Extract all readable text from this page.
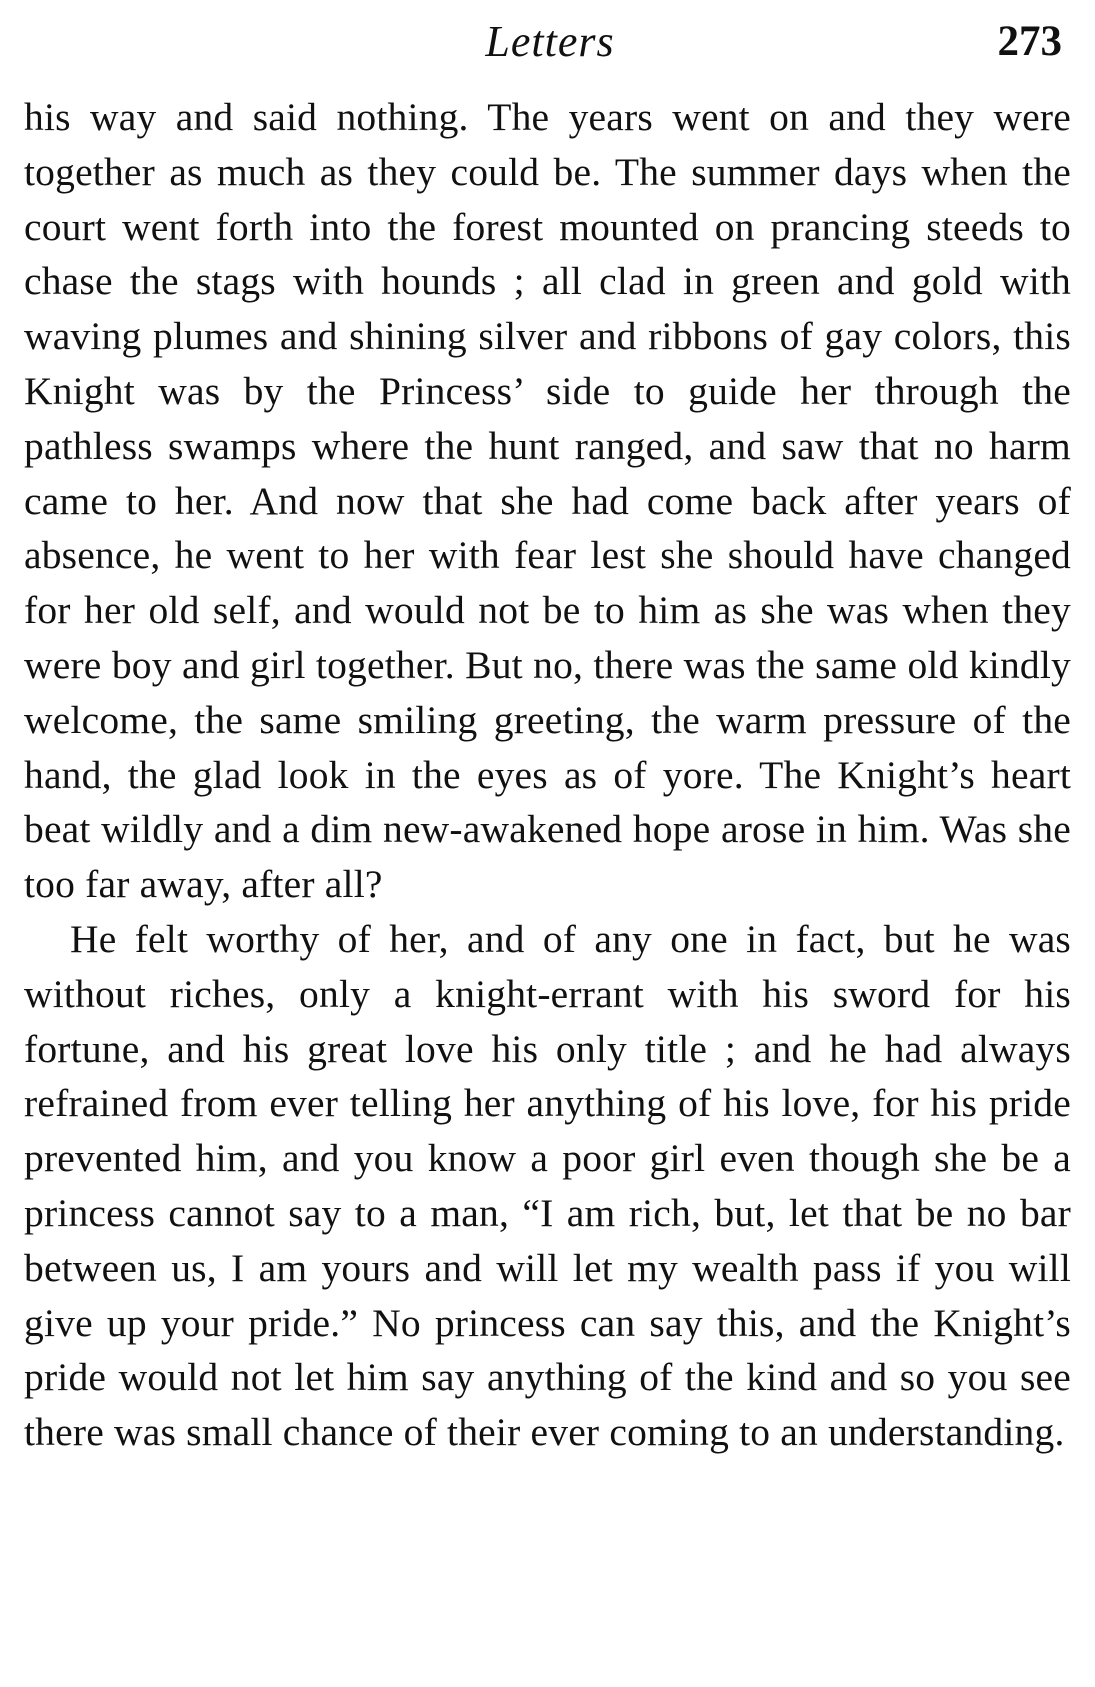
Letters	273

his way and said nothing. The years went on and they were together as much as they could be. The summer days when the court went forth into the forest mounted on prancing steeds to chase the stags with hounds ; all clad in green and gold with waving plumes and shining silver and ribbons of gay colors, this Knight was by the Princess’ side to guide her through the pathless swamps where the hunt ranged, and saw that no harm came to her. And now that she had come back after years of absence, he went to her with fear lest she should have changed for her old self, and would not be to him as she was when they were boy and girl together. But no, there was the same old kindly welcome, the same smiling greeting, the warm pressure of the hand, the glad look in the eyes as of yore. The Knight’s heart beat wildly and a dim new-awakened hope arose in him. Was she too far away, after all?

He felt worthy of her, and of any one in fact, but he was without riches, only a knight-errant with his sword for his fortune, and his great love his only title ; and he had always refrained from ever telling her anything of his love, for his pride prevented him, and you know a poor girl even though she be a princess cannot say to a man, “I am rich, but, let that be no bar between us, I am yours and will let my wealth pass if you will give up your pride.” No princess can say this, and the Knight’s pride would not let him say anything of the kind and so you see there was small chance of their ever coming to an understanding.
